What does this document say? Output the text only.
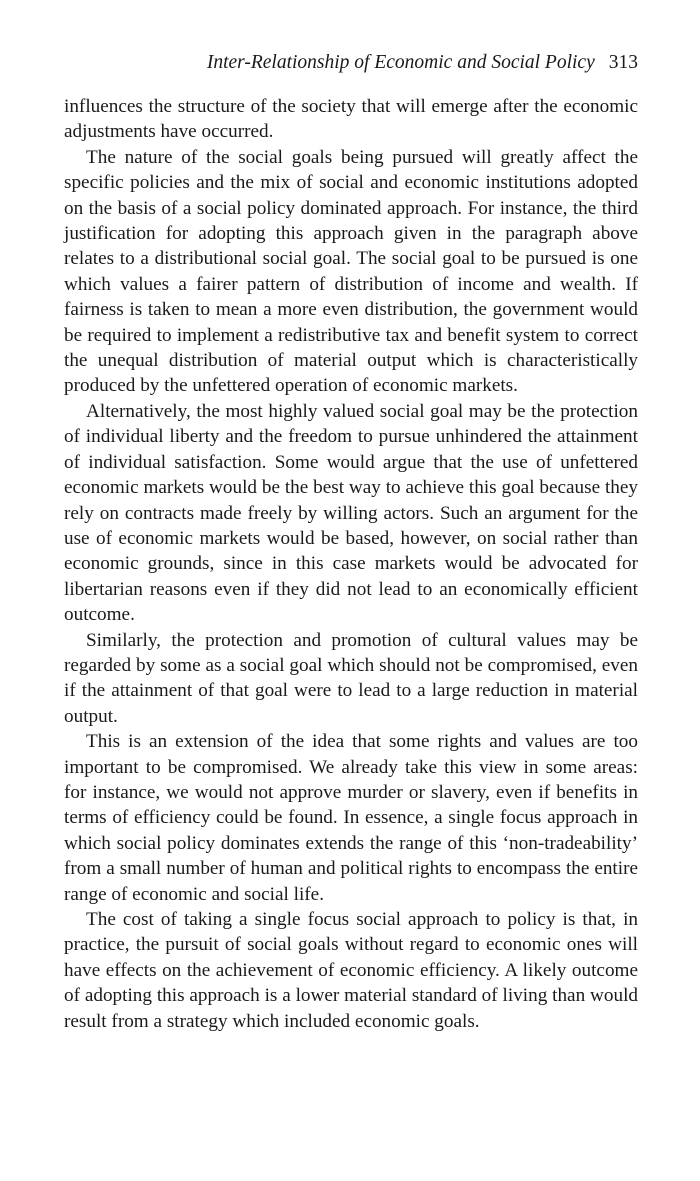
Inter-Relationship of Economic and Social Policy 313

influences the structure of the society that will emerge after the economic adjustments have occurred.

The nature of the social goals being pursued will greatly affect the specific policies and the mix of social and economic institutions adopted on the basis of a social policy dominated approach. For instance, the third justification for adopting this approach given in the paragraph above relates to a distributional social goal. The social goal to be pursued is one which values a fairer pattern of distribution of income and wealth. If fairness is taken to mean a more even distribution, the government would be required to implement a redistributive tax and benefit system to correct the unequal distribution of material output which is characteristically produced by the unfettered operation of economic markets.

Alternatively, the most highly valued social goal may be the protection of individual liberty and the freedom to pursue unhindered the attainment of individual satisfaction. Some would argue that the use of unfettered economic markets would be the best way to achieve this goal because they rely on contracts made freely by willing actors. Such an argument for the use of economic markets would be based, however, on social rather than economic grounds, since in this case markets would be advocated for libertarian reasons even if they did not lead to an economically efficient outcome.

Similarly, the protection and promotion of cultural values may be regarded by some as a social goal which should not be compromised, even if the attainment of that goal were to lead to a large reduction in material output.

This is an extension of the idea that some rights and values are too important to be compromised. We already take this view in some areas: for instance, we would not approve murder or slavery, even if benefits in terms of efficiency could be found. In essence, a single focus approach in which social policy dominates extends the range of this ‘non-tradeability’ from a small number of human and political rights to encompass the entire range of economic and social life.

The cost of taking a single focus social approach to policy is that, in practice, the pursuit of social goals without regard to economic ones will have effects on the achievement of economic efficiency. A likely outcome of adopting this approach is a lower material standard of living than would result from a strategy which included economic goals.
